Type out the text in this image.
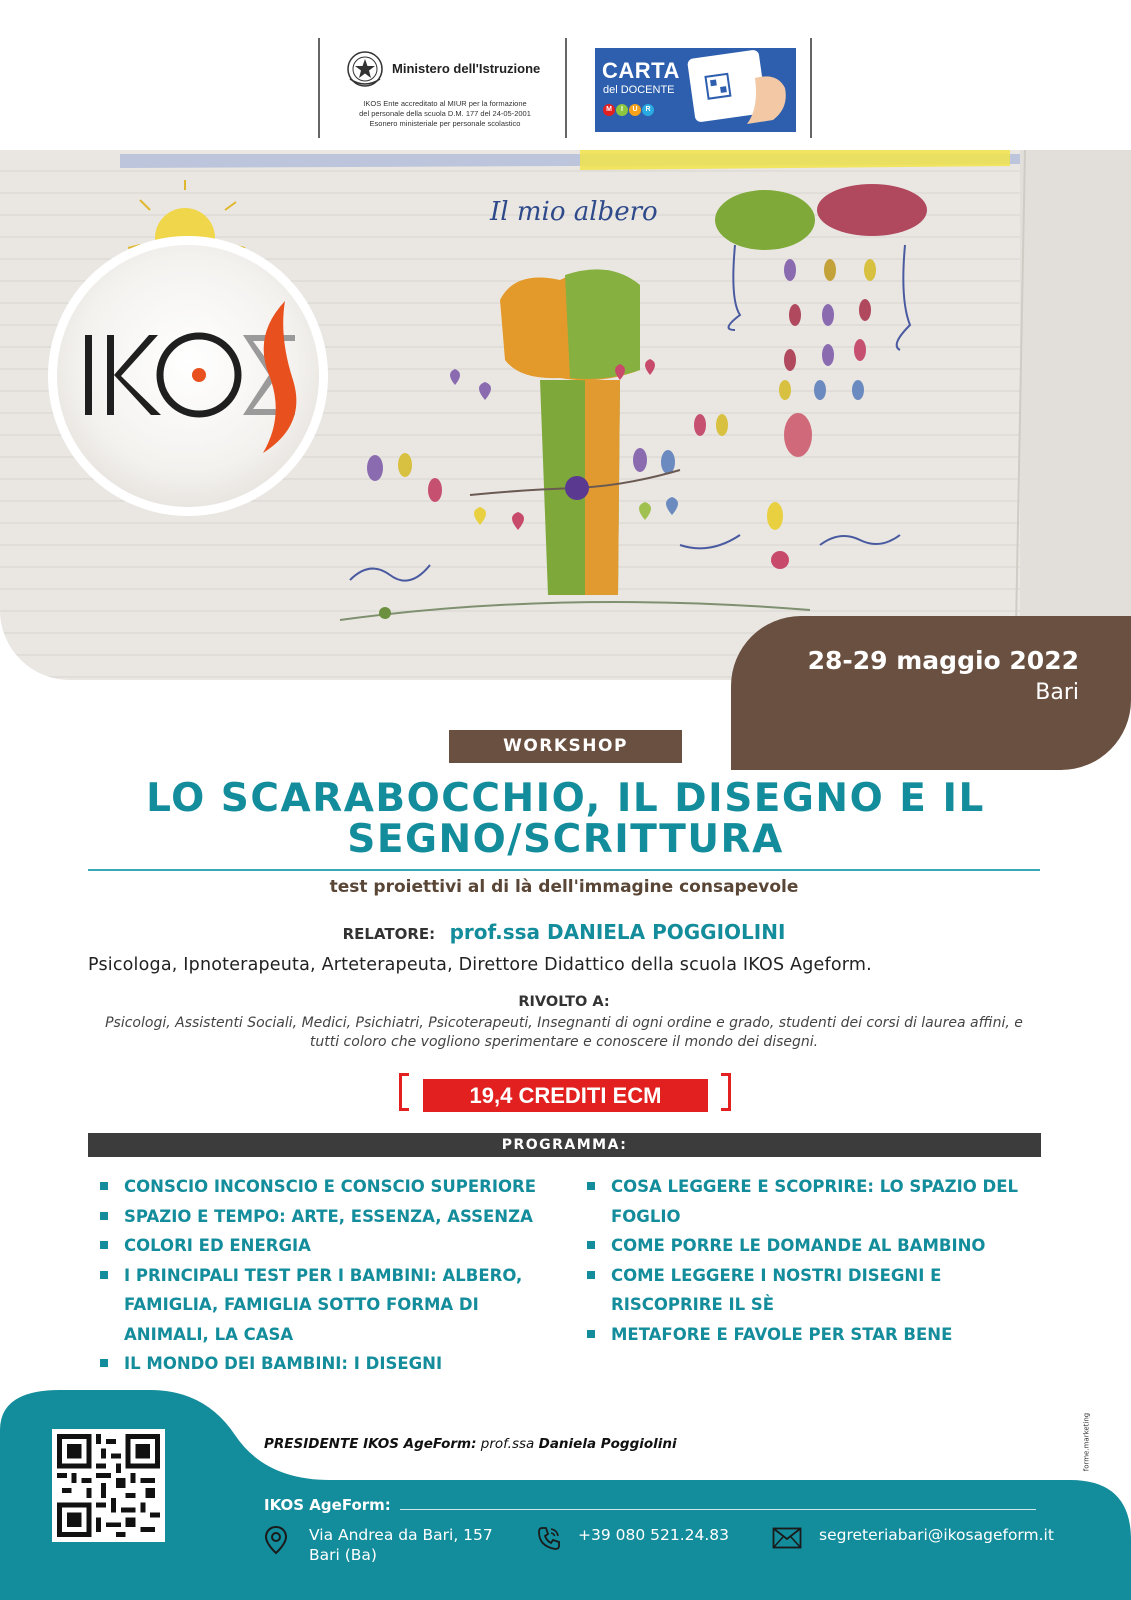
Ministero dell'Istruzione
IKOS Ente accreditato al MIUR per la formazione
del personale della scuola D.M. 177 del 24-05-2001
Esonero ministeriale per personale scolastico
CARTA
del DOCENTE
M I U R
Il mio albero
28-29 maggio 2022
Bari
WORKSHOP
LO SCARABOCCHIO, IL DISEGNO E IL
SEGNO/SCRITTURA
test proiettivi al di là dell'immagine consapevole
RELATORE: prof.ssa DANIELA POGGIOLINI
Psicologa, Ipnoterapeuta, Arteterapeuta, Direttore Didattico della scuola IKOS Ageform.
RIVOLTO A:
Psicologi, Assistenti Sociali, Medici, Psichiatri, Psicoterapeuti, Insegnanti di ogni ordine e grado, studenti dei corsi di laurea affini, e tutti coloro che vogliono sperimentare e conoscere il mondo dei disegni.
19,4 CREDITI ECM
PROGRAMMA:
CONSCIO INCONSCIO E CONSCIO SUPERIORE
SPAZIO E TEMPO: ARTE, ESSENZA, ASSENZA
COLORI ED ENERGIA
I PRINCIPALI TEST PER I BAMBINI: ALBERO, FAMIGLIA, FAMIGLIA SOTTO FORMA DI ANIMALI, LA CASA
IL MONDO DEI BAMBINI: I DISEGNI
COSA LEGGERE E SCOPRIRE: LO SPAZIO DEL FOGLIO
COME PORRE LE DOMANDE AL BAMBINO
COME LEGGERE I NOSTRI DISEGNI E RISCOPRIRE IL SÈ
METAFORE E FAVOLE PER STAR BENE
PRESIDENTE IKOS AgeForm: prof.ssa Daniela Poggiolini
IKOS AgeForm:
Via Andrea da Bari, 157
Bari (Ba)
+39 080 521.24.83	segreteriabari@ikosageform.it
forme.marketing
